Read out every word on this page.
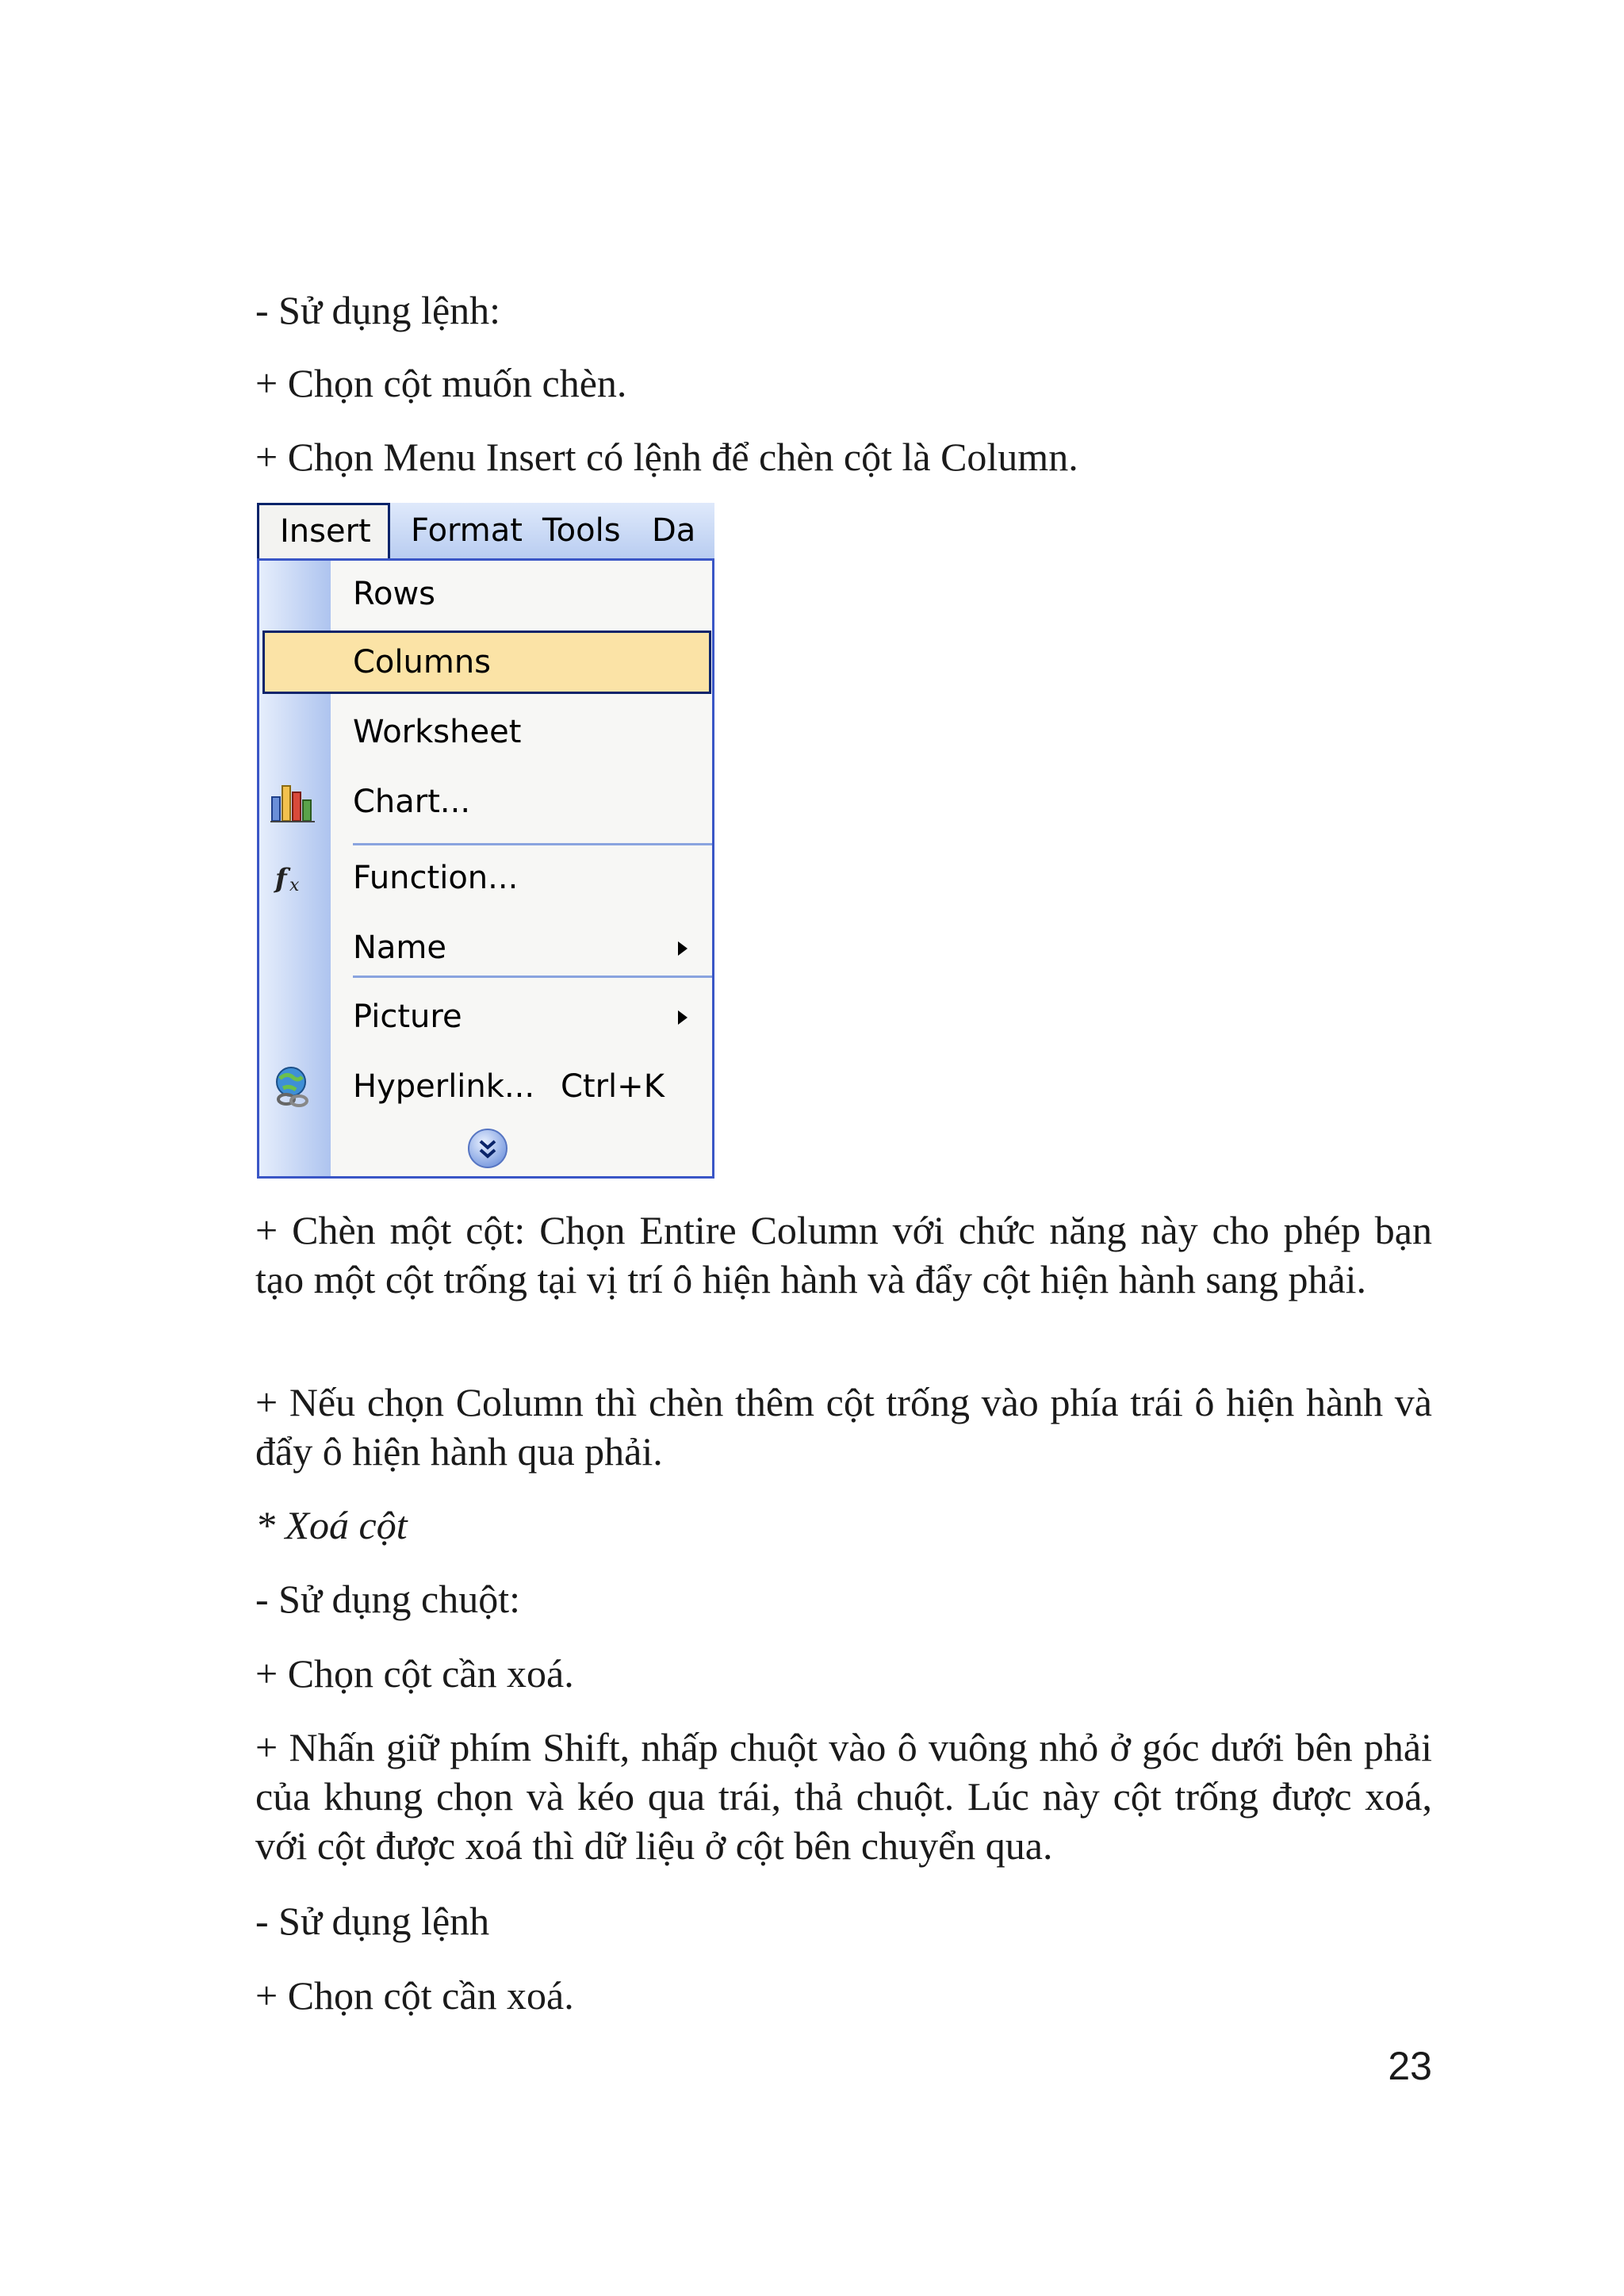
- Sử dụng lệnh:

+ Chọn cột muốn chèn.

+ Chọn Menu Insert có lệnh để chèn cột là Column.

Insert	Format Tools Da
Rows
Columns
Worksheet
Chart...
f x Function...
Name
Picture
Hyperlink... Ctrl+K

+ Chèn một cột: Chọn Entire Column với chức năng này cho phép bạn tạo một cột trống tại vị trí ô hiện hành và đẩy cột hiện hành sang phải.

+ Nếu chọn Column thì chèn thêm cột trống vào phía trái ô hiện hành và đẩy ô hiện hành qua phải.

* Xoá cột

- Sử dụng chuột:

+ Chọn cột cần xoá.

+ Nhấn giữ phím Shift, nhấp chuột vào ô vuông nhỏ ở góc dưới bên phải của khung chọn và kéo qua trái, thả chuột. Lúc này cột trống được xoá, với cột được xoá thì dữ liệu ở cột bên chuyển qua.

- Sử dụng lệnh

+ Chọn cột cần xoá.

23
